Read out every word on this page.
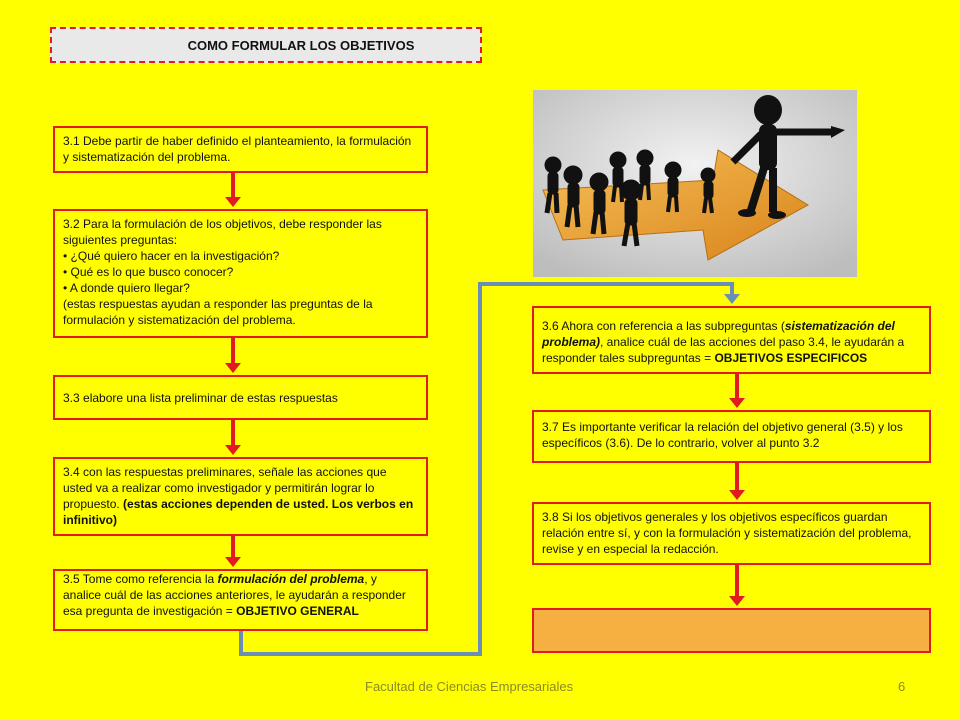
COMO FORMULAR LOS OBJETIVOS
3.1 Debe partir de haber definido el planteamiento, la formulación y sistematización del problema.
3.2 Para la formulación de los objetivos, debe responder las siguientes preguntas:
• ¿Qué quiero hacer en la investigación?
• Qué es lo que busco conocer?
• A donde quiero llegar?
(estas respuestas ayudan a responder las preguntas de la formulación y sistematización del problema.
3.3 elabore una lista preliminar de estas respuestas
3.4 con las respuestas preliminares, señale las acciones que usted va a realizar como investigador y permitirán lograr lo propuesto. (estas acciones dependen de usted. Los verbos en infinitivo)
3.5 Tome como referencia la formulación del problema, y analice cuál de las acciones anteriores, le ayudarán a responder esa pregunta de investigación = OBJETIVO GENERAL
3.6 Ahora con referencia a las subpreguntas (sistematización del problema), analice cuál de las acciones del paso 3.4, le ayudarán a responder tales subpreguntas = OBJETIVOS ESPECIFICOS
3.7 Es importante verificar la relación del objetivo general (3.5) y los específicos (3.6). De lo contrario, volver al punto 3.2
3.8 Si los objetivos generales y los objetivos específicos guardan relación entre sí, y con la formulación y sistematización del problema, revise y en especial la redacción.
Facultad de Ciencias Empresariales	6
